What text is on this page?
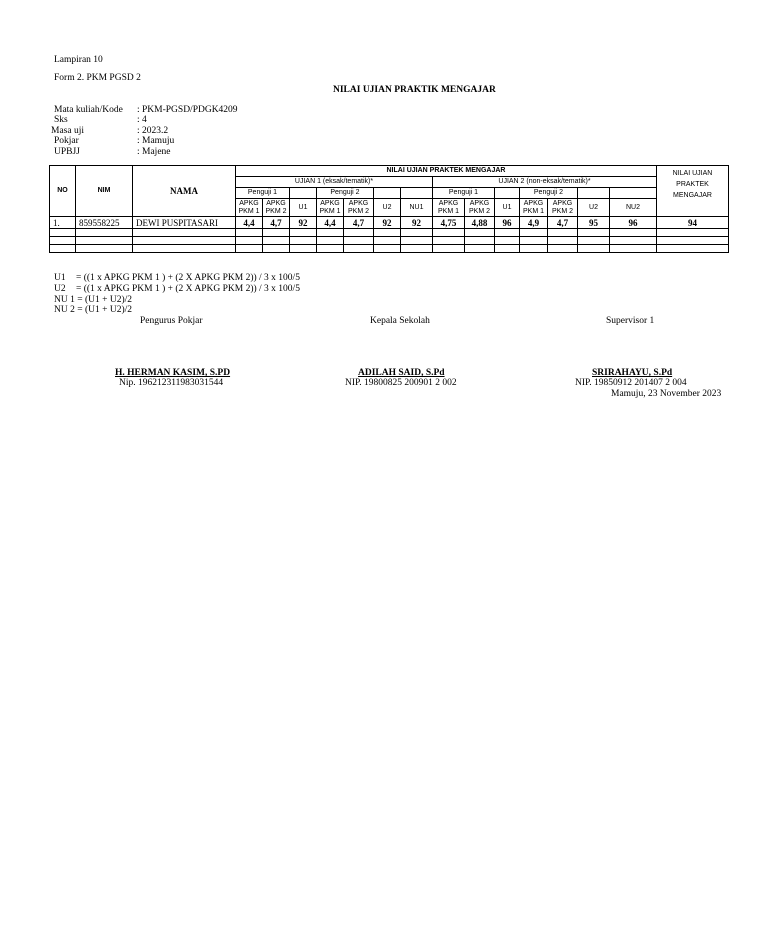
Lampiran 10
Form 2. PKM PGSD 2
NILAI UJIAN PRAKTIK MENGAJAR
Mata kuliah/Kode : PKM-PGSD/PDGK4209
Sks	: 4
Masa uji	: 2023.2
Pokjar	: Mamuju
UPBJJ	: Majene
NO	NIM	NAMA	NILAI UJIAN PRAKTEK MENGAJAR														NILAI UJIAN PRAKTEK MENGAJAR
			UJIAN 1 (eksak/tematik)*							UJIAN 2 (non-eksak/tematik)*							
			Penguji 1			Penguji 2				Penguji 1			Penguji 2				
			APKG PKM 1	APKG PKM 2	U1	APKG PKM 1	APKG PKM 2	U2	NU1	APKG PKM 1	APKG PKM 2	U1	APKG PKM 1	APKG PKM 2	U2	NU2	
1.	859558225	DEWI PUSPITASARI	4,4	4,7	92	4,4	4,7	92	92	4,75	4,88	96	4,9	4,7	95	96	94

U1 = ((1 x APKG PKM 1 ) + (2 X APKG PKM 2)) / 3 x 100/5
U2 = ((1 x APKG PKM 1 ) + (2 X APKG PKM 2)) / 3 x 100/5
NU 1 = (U1 + U2)/2
NU 2 = (U1 + U2)/2
Pengurus Pokjar	Kepala Sekolah	Supervisor 1
H. HERMAN KASIM, S.PD
Nip. 196212311983031544
ADILAH SAID, S.Pd
NIP. 19800825 200901 2 002
SRIRAHAYU, S.Pd
NIP. 19850912 201407 2 004
Mamuju, 23 November 2023
